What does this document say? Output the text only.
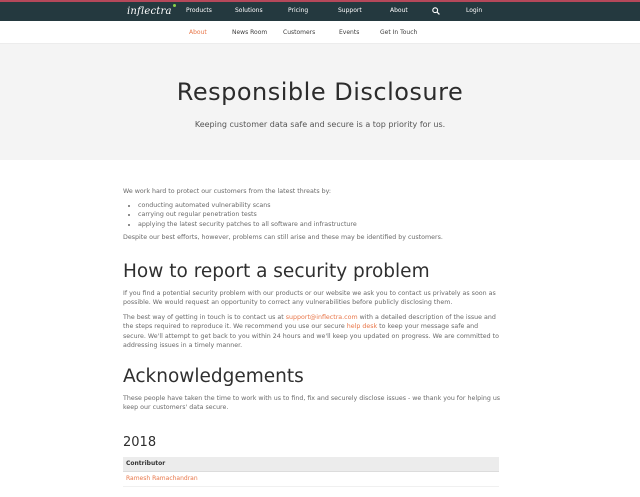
inflectra Products	Solutions	Pricing	Support	About	Login
About	News Room	Customers	Events	Get In Touch
Responsible Disclosure

Keeping customer data safe and secure is a top priority for us.

We work hard to protect our customers from the latest threats by:

• conducting automated vulnerability scans
• carrying out regular penetration tests
• applying the latest security patches to all software and infrastructure

Despite our best efforts, however, problems can still arise and these may be identified by customers.

How to report a security problem

If you find a potential security problem with our products or our website we ask you to contact us privately as soon as possible. We would request an opportunity to correct any vulnerabilities before publicly disclosing them.

The best way of getting in touch is to contact us at support@inflectra.com with a detailed description of the issue and the steps required to reproduce it. We recommend you use our secure help desk to keep your message safe and secure. We'll attempt to get back to you within 24 hours and we'll keep you updated on progress. We are committed to addressing issues in a timely manner.

Acknowledgements

These people have taken the time to work with us to find, fix and securely disclose issues - we thank you for helping us keep our customers' data secure.

2018
Contributor
Ramesh Ramachandran
